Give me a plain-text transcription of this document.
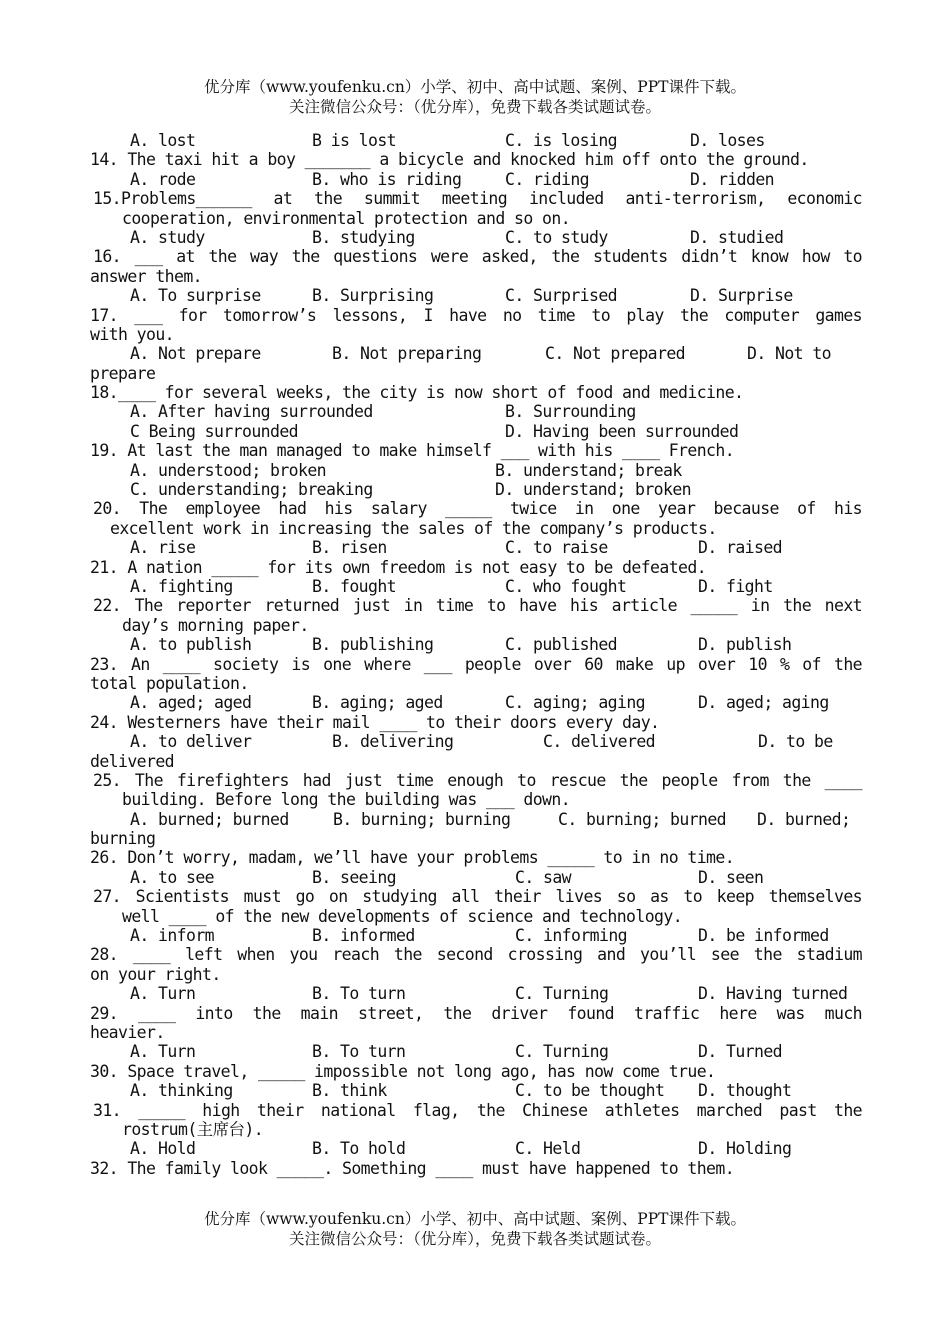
优分库（www.youfenku.cn）小学、初中、高中试题、案例、PPT课件下载。
关注微信公众号：（优分库），免费下载各类试题试卷。
A. lost	B is lost	C. is losing	D. loses
14. The taxi hit a boy _______ a bicycle and knocked him off onto the ground.
A. rode	B. who is riding	C. riding	D. ridden
15.Problems______ at the summit meeting included anti-terrorism, economic
cooperation, environmental protection and so on.
A. study	B. studying	C. to study	D. studied
16. ___ at the way the questions were asked, the students didn’t know how to
answer them.
A. To surprise	B. Surprising	C. Surprised	D. Surprise
17. ___ for tomorrow’s lessons, I have no time to play the computer games
with you.
A. Not prepare	B. Not preparing	C. Not prepared	D. Not to
prepare
18.____ for several weeks, the city is now short of food and medicine.
A. After having surrounded	B. Surrounding
C Being surrounded	D. Having been surrounded
19. At last the man managed to make himself ___ with his ____ French.
A. understood; broken	B. understand; break
C. understanding; breaking	D. understand; broken
20. The employee had his salary _____ twice in one year because of his
excellent work in increasing the sales of the company’s products.
A. rise	B. risen	C. to raise	D. raised
21. A nation _____ for its own freedom is not easy to be defeated.
A. fighting	B. fought	C. who fought	D. fight
22. The reporter returned just in time to have his article _____ in the next
day’s morning paper.
A. to publish	B. publishing	C. published	D. publish
23. An ____ society is one where ___ people over 60 make up over 10 % of the
total population.
A. aged; aged	B. aging; aged	C. aging; aging	D. aged; aging
24. Westerners have their mail ____ to their doors every day.
A. to deliver	B. delivering	C. delivered	D. to be
delivered
25. The firefighters had just time enough to rescue the people from the ____
building. Before long the building was ___ down.
A. burned; burned	B. burning; burning	C. burning; burned D. burned;
burning
26. Don’t worry, madam, we’ll have your problems _____ to in no time.
A. to see	B. seeing	C. saw	D. seen
27. Scientists must go on studying all their lives so as to keep themselves
well ____ of the new developments of science and technology.
A. inform	B. informed	C. informing	D. be informed
28. ____ left when you reach the second crossing and you’ll see the stadium
on your right.
A. Turn	B. To turn	C. Turning	D. Having turned
29. ____ into the main street, the driver found traffic here was much
heavier.
A. Turn	B. To turn	C. Turning	D. Turned
30. Space travel, _____ impossible not long ago, has now come true.
A. thinking	B. think	C. to be thought D. thought
31. _____ high their national flag, the Chinese athletes marched past the
rostrum(主席台).
A. Hold	B. To hold	C. Held	D. Holding
32. The family look _____. Something ____ must have happened to them.
优分库（www.youfenku.cn）小学、初中、高中试题、案例、PPT课件下载。
关注微信公众号：（优分库），免费下载各类试题试卷。
